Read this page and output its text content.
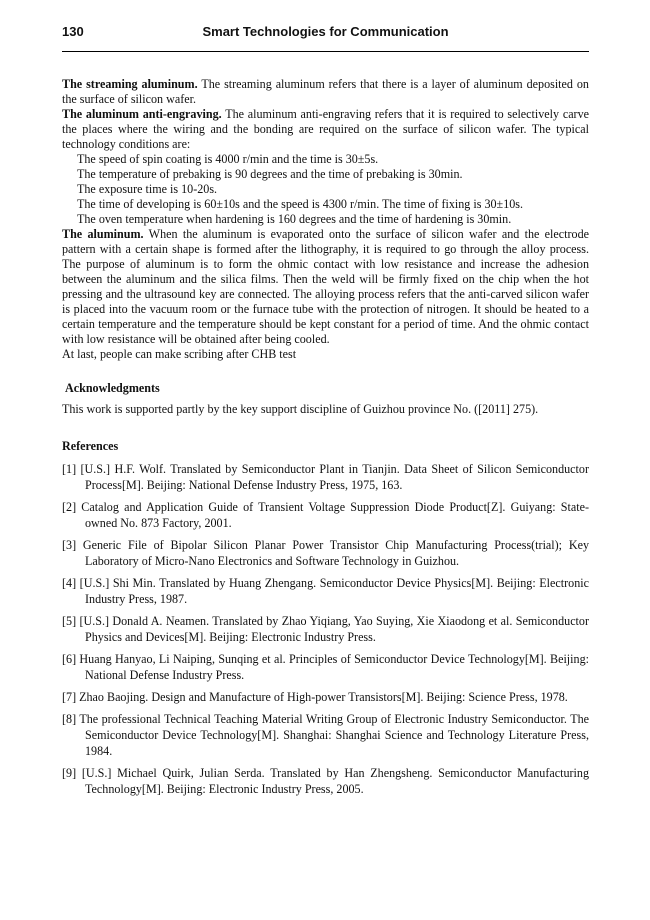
130	Smart Technologies for Communication

The streaming aluminum. The streaming aluminum refers that there is a layer of aluminum deposited on the surface of silicon wafer.

The aluminum anti-engraving. The aluminum anti-engraving refers that it is required to selectively carve the places where the wiring and the bonding are required on the surface of silicon wafer. The typical technology conditions are:

The speed of spin coating is 4000 r/min and the time is 30±5s.

The temperature of prebaking is 90 degrees and the time of prebaking is 30min.

The exposure time is 10-20s.

The time of developing is 60±10s and the speed is 4300 r/min. The time of fixing is 30±10s.

The oven temperature when hardening is 160 degrees and the time of hardening is 30min.

The aluminum. When the aluminum is evaporated onto the surface of silicon wafer and the electrode pattern with a certain shape is formed after the lithography, it is required to go through the alloy process. The purpose of aluminum is to form the ohmic contact with low resistance and increase the adhesion between the aluminum and the silica films. Then the weld will be firmly fixed on the chip when the hot pressing and the ultrasound key are connected. The alloying process refers that the anti-carved silicon wafer is placed into the vacuum room or the furnace tube with the protection of nitrogen. It should be heated to a certain temperature and the temperature should be kept constant for a period of time. And the ohmic contact with low resistance will be obtained after being cooled.

At last, people can make scribing after CHB test

Acknowledgments

This work is supported partly by the key support discipline of Guizhou province No. ([2011] 275).

References

[1] [U.S.] H.F. Wolf. Translated by Semiconductor Plant in Tianjin. Data Sheet of Silicon Semiconductor Process[M]. Beijing: National Defense Industry Press, 1975, 163.
[2] Catalog and Application Guide of Transient Voltage Suppression Diode Product[Z]. Guiyang: State-owned No. 873 Factory, 2001.
[3] Generic File of Bipolar Silicon Planar Power Transistor Chip Manufacturing Process(trial); Key Laboratory of Micro-Nano Electronics and Software Technology in Guizhou.
[4] [U.S.] Shi Min. Translated by Huang Zhengang. Semiconductor Device Physics[M]. Beijing: Electronic Industry Press, 1987.
[5] [U.S.] Donald A. Neamen. Translated by Zhao Yiqiang, Yao Suying, Xie Xiaodong et al. Semiconductor Physics and Devices[M]. Beijing: Electronic Industry Press.
[6] Huang Hanyao, Li Naiping, Sunqing et al. Principles of Semiconductor Device Technology[M]. Beijing: National Defense Industry Press.
[7] Zhao Baojing. Design and Manufacture of High-power Transistors[M]. Beijing: Science Press, 1978.
[8] The professional Technical Teaching Material Writing Group of Electronic Industry Semiconductor. The Semiconductor Device Technology[M]. Shanghai: Shanghai Science and Technology Literature Press, 1984.
[9] [U.S.] Michael Quirk, Julian Serda. Translated by Han Zhengsheng. Semiconductor Manufacturing Technology[M]. Beijing: Electronic Industry Press, 2005.
